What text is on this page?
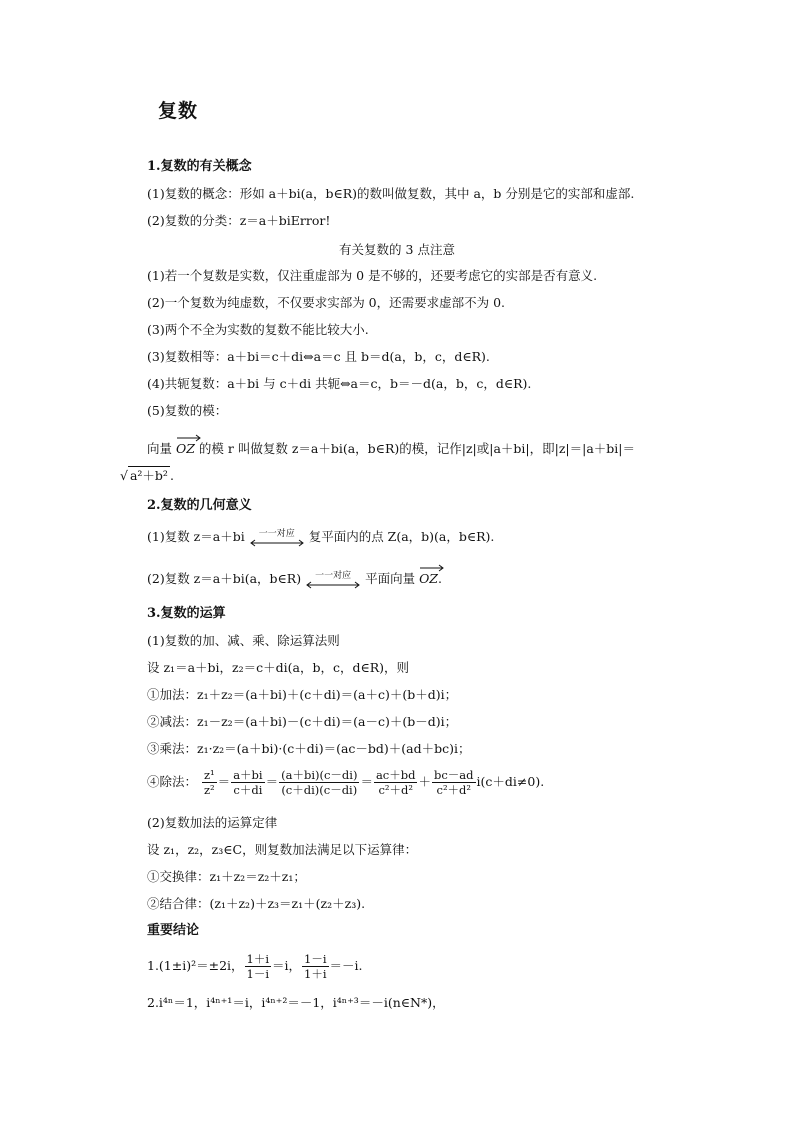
复数
1.复数的有关概念
(1)复数的概念：形如 a＋bi(a，b∈R)的数叫做复数，其中 a，b 分别是它的实部和虚部.
(2)复数的分类：z＝a＋biError!
有关复数的 3 点注意
(1)若一个复数是实数，仅注重虚部为 0 是不够的，还要考虑它的实部是否有意义.
(2)一个复数为纯虚数，不仅要求实部为 0，还需要求虚部不为 0.
(3)两个不全为实数的复数不能比较大小.
(3)复数相等：a＋bi＝c＋di⇔a＝c 且 b＝d(a，b，c，d∈R).
(4)共轭复数：a＋bi 与 c＋di 共轭⇔a＝c，b＝－d(a，b，c，d∈R).
(5)复数的模：
向量 OZ 的模 r 叫做复数 z＝a＋bi(a，b∈R)的模，记作|z|或|a＋bi|，即|z|＝|a＋bi|＝
√ a²＋b² .
2.复数的几何意义
(1)复数 z＝a＋bi	一一对应	复平面内的点 Z(a，b)(a，b∈R).
(2)复数 z＝a＋bi(a，b∈R)	一一对应	平面向量 OZ.
3.复数的运算
(1)复数的加、减、乘、除运算法则
设 z₁＝a＋bi，z₂＝c＋di(a，b，c，d∈R)，则
①加法：z₁＋z₂＝(a＋bi)＋(c＋di)＝(a＋c)＋(b＋d)i；
②减法：z₁－z₂＝(a＋bi)－(c＋di)＝(a－c)＋(b－d)i；
③乘法：z₁·z₂＝(a＋bi)·(c＋di)＝(ac－bd)＋(ad＋bc)i；
④除法： $\frac{\text{z¹}}{\text{z²}} = \frac{a+bi}{c+di} = \frac{(a+bi)(c-di)}{(c+di)(c-di)} = \frac{ac+bd}{\text{c²＋d²}} + \frac{bc-ad}{\text{c²＋d²}} i(c+di\ne 0)$.
(2)复数加法的运算定律
设 z₁，z₂，z₃∈C，则复数加法满足以下运算律：
①交换律：z₁＋z₂＝z₂＋z₁；
②结合律：(z₁＋z₂)＋z₃＝z₁＋(z₂＋z₃).
重要结论
1.(1±i)²＝±2i， $\frac{1+i}{1-i} =i$， $\frac{1-i}{1+i} =-i$.
2.i⁴ⁿ＝1，i⁴ⁿ⁺¹＝i，i⁴ⁿ⁺²＝－1，i⁴ⁿ⁺³＝－i(n∈N*)，
